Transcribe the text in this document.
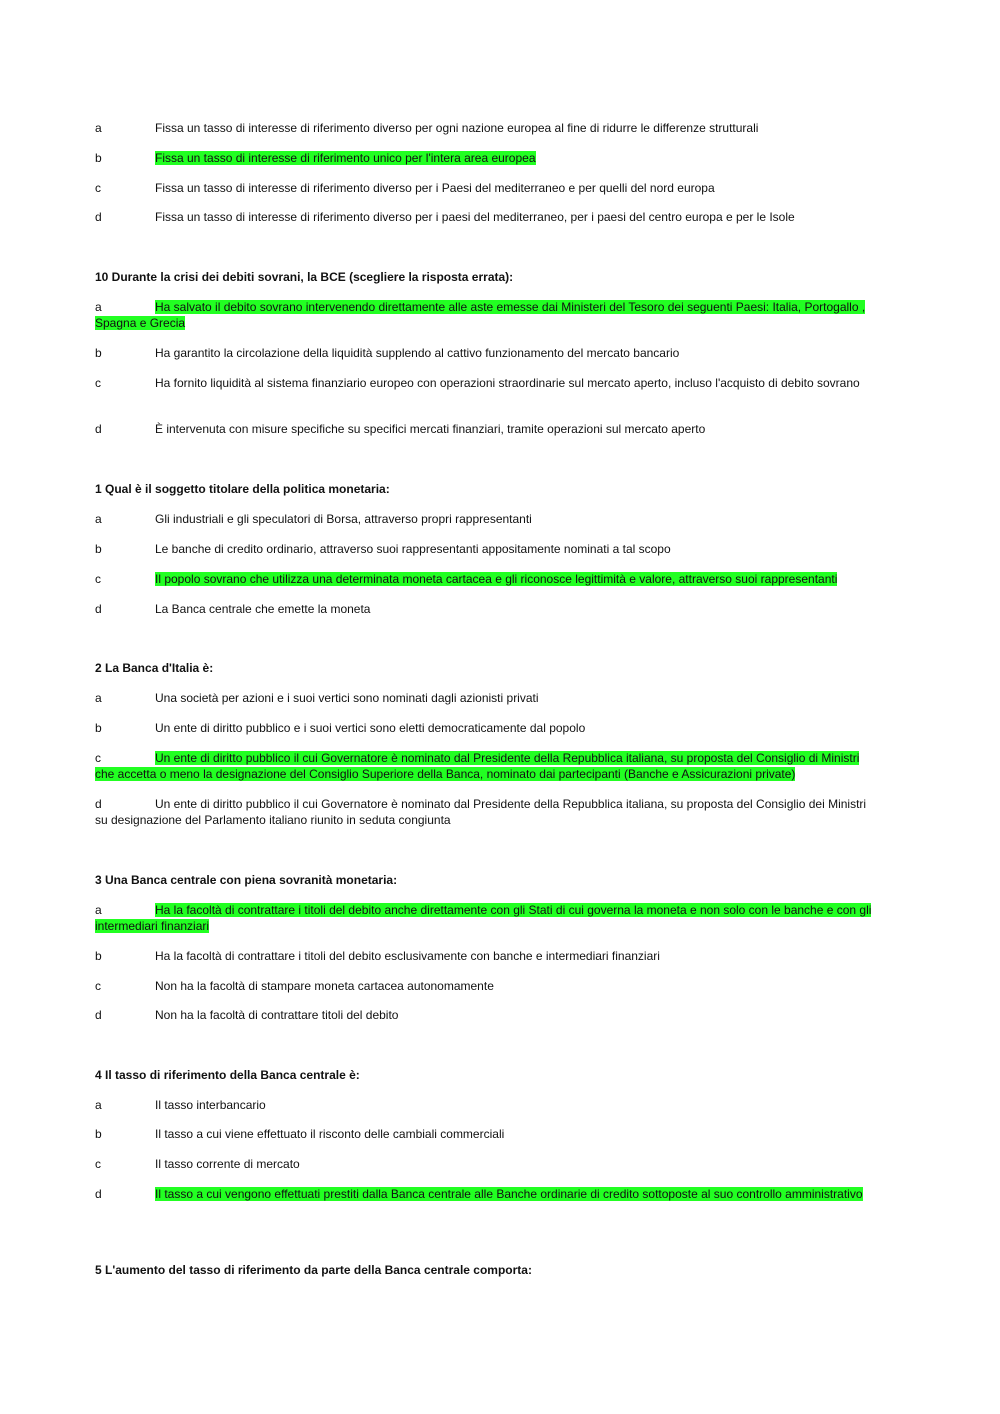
a	Fissa un tasso di interesse di riferimento diverso per ogni nazione europea al fine di ridurre le differenze strutturali
b	Fissa un tasso di interesse di riferimento unico per l'intera area europea
c	Fissa un tasso di interesse di riferimento diverso per i Paesi del mediterraneo e per quelli del nord europa
d	Fissa un tasso di interesse di riferimento diverso per i paesi del mediterraneo, per i paesi del centro europa e per le Isole
10 Durante la crisi dei debiti sovrani, la BCE (scegliere la risposta errata):
a	Ha salvato il debito sovrano intervenendo direttamente alle aste emesse dai Ministeri del Tesoro dei seguenti Paesi: Italia, Portogallo ,
Spagna e Grecia
b	Ha garantito la circolazione della liquidità supplendo al cattivo funzionamento del mercato bancario
c	Ha fornito liquidità al sistema finanziario europeo con operazioni straordinarie sul mercato aperto, incluso l'acquisto di debito sovrano
d	È intervenuta con misure specifiche su specifici mercati finanziari, tramite operazioni sul mercato aperto
1 Qual è il soggetto titolare della politica monetaria:
a	Gli industriali e gli speculatori di Borsa, attraverso propri rappresentanti
b	Le banche di credito ordinario, attraverso suoi rappresentanti appositamente nominati a tal scopo
c	Il popolo sovrano che utilizza una determinata moneta cartacea e gli riconosce legittimità e valore, attraverso suoi rappresentanti
d	La Banca centrale che emette la moneta
2 La Banca d'Italia è:
a	Una società per azioni e i suoi vertici sono nominati dagli azionisti privati
b	Un ente di diritto pubblico e i suoi vertici sono eletti democraticamente dal popolo
c	Un ente di diritto pubblico il cui Governatore è nominato dal Presidente della Repubblica italiana, su proposta del Consiglio di Ministri
che accetta o meno la designazione del Consiglio Superiore della Banca, nominato dai partecipanti (Banche e Assicurazioni private)
d	Un ente di diritto pubblico il cui Governatore è nominato dal Presidente della Repubblica italiana, su proposta del Consiglio dei Ministri
su designazione del Parlamento italiano riunito in seduta congiunta
3 Una Banca centrale con piena sovranità monetaria:
a	Ha la facoltà di contrattare i titoli del debito anche direttamente con gli Stati di cui governa la moneta e non solo con le banche e con gli
intermediari finanziari
b	Ha la facoltà di contrattare i titoli del debito esclusivamente con banche e intermediari finanziari
c	Non ha la facoltà di stampare moneta cartacea autonomamente
d	Non ha la facoltà di contrattare titoli del debito
4 Il tasso di riferimento della Banca centrale è:
a	Il tasso interbancario
b	Il tasso a cui viene effettuato il risconto delle cambiali commerciali
c	Il tasso corrente di mercato
d	Il tasso a cui vengono effettuati prestiti dalla Banca centrale alle Banche ordinarie di credito sottoposte al suo controllo amministrativo
5 L'aumento del tasso di riferimento da parte della Banca centrale comporta:
